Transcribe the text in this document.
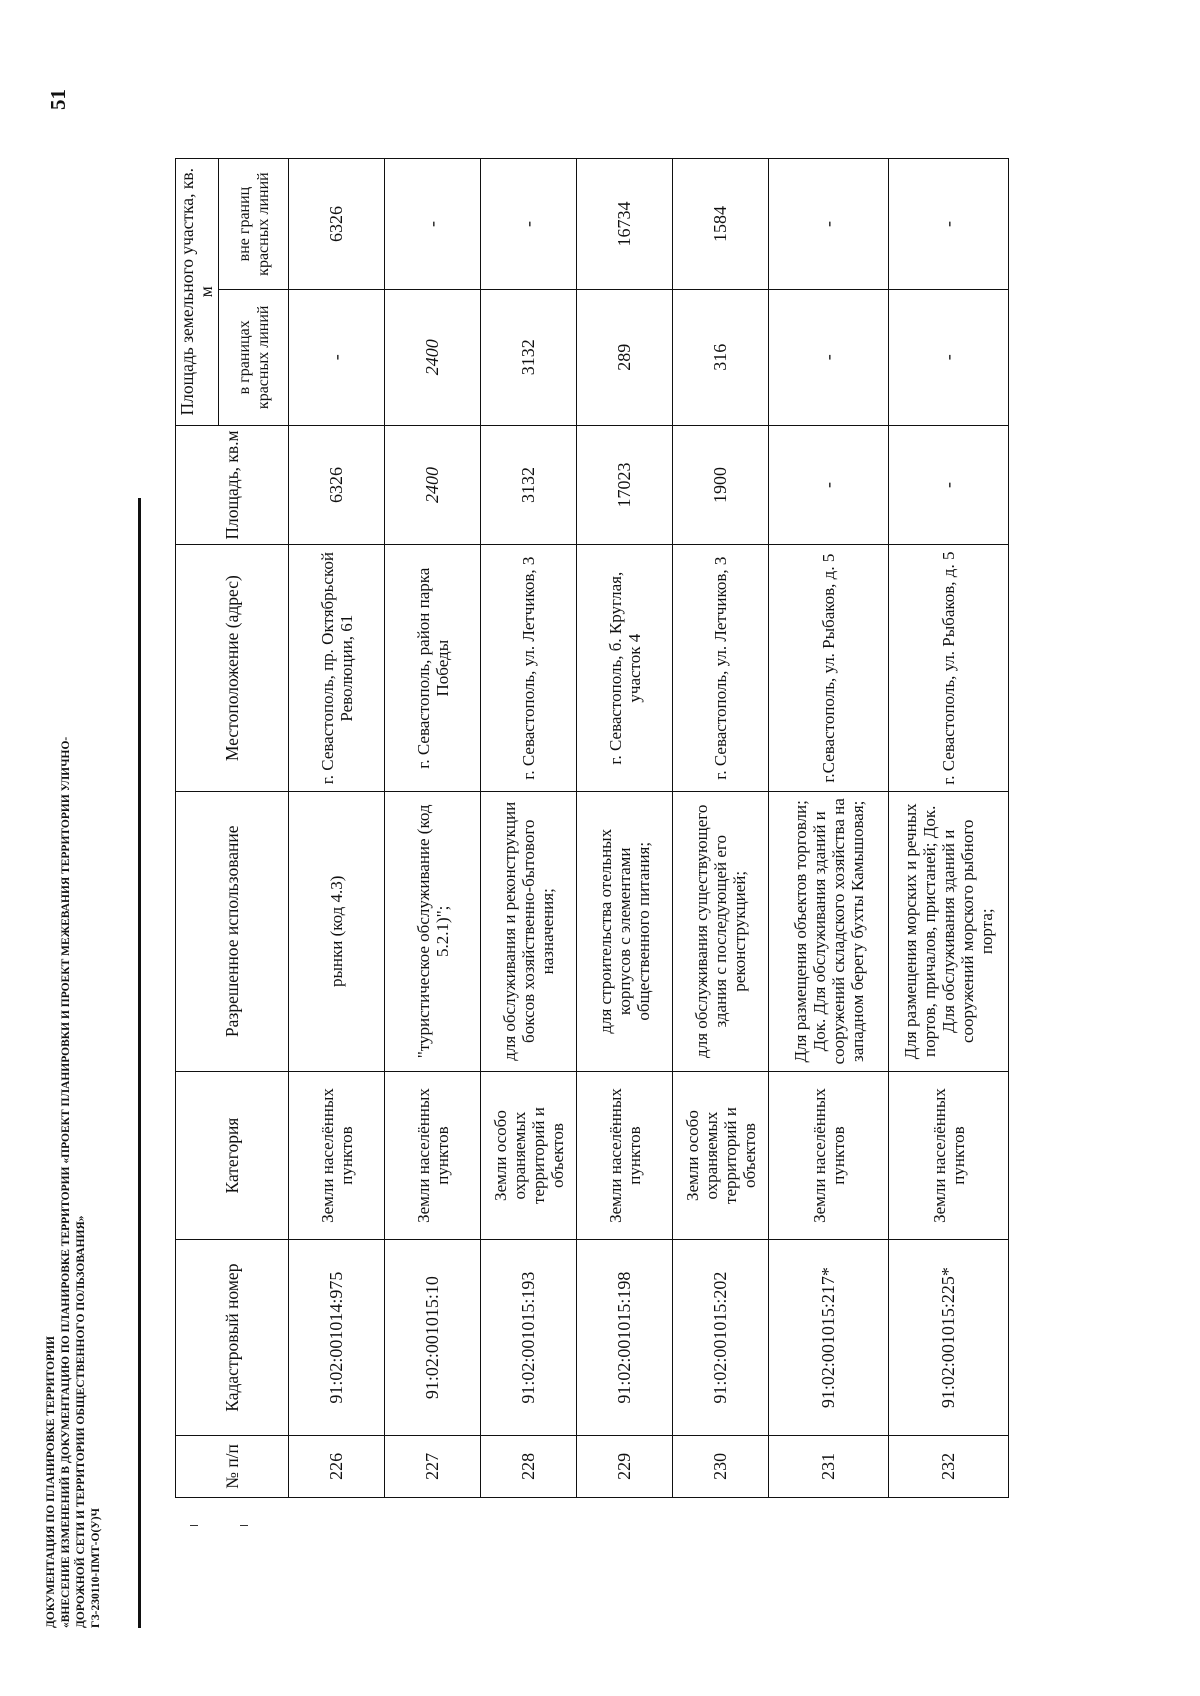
51
ДОКУМЕНТАЦИЯ ПО ПЛАНИРОВКЕ ТЕРРИТОРИИ «ВНЕСЕНИЕ ИЗМЕНЕНИЙ В ДОКУМЕНТАЦИЮ ПО ПЛАНИРОВКЕ ТЕРРИТОРИИ «ПРОЕКТ ПЛАНИРОВКИ И ПРОЕКТ МЕЖЕВАНИЯ ТЕРРИТОРИИ УЛИЧНО- ДОРОЖНОЙ СЕТИ И ТЕРРИТОРИИ ОБЩЕСТВЕННОГО ПОЛЬЗОВАНИЯ» ГЗ-230110-ПМТ-О(У)Ч
№ п/п	Кадастровый номер	Категория	Разрешенное использование	Местоположение (адрес)	Площадь, кв.м	Площадь земельного участка, кв. м	
						в границах красных линий	вне границ красных линий
226	91:02:001014:975	Земли населённых пунктов	рынки (код 4.3)	г. Севастополь, пр. Октябрьской Революции, 61	6326	-	6326
227	91:02:001015:10	Земли населённых пунктов	"туристическое обслуживание (код 5.2.1)";	г. Севастополь, район парка Победы	2400	2400	-
228	91:02:001015:193	Земли особо охраняемых территорий и объектов	для обслуживания и реконструкции боксов хозяйственно-бытового назначения;	г. Севастополь, ул. Летчиков, 3	3132	3132	-
229	91:02:001015:198	Земли населённых пунктов	для строительства отельных корпусов с элементами общественного питания;	г. Севастополь, б. Круглая, участок 4	17023	289	16734
230	91:02:001015:202	Земли особо охраняемых территорий и объектов	для обслуживания существующего здания с последующей его реконструкцией;	г. Севастополь, ул. Летчиков, 3	1900	316	1584
231	91:02:001015:217*	Земли населённых пунктов	Для размещения объектов торговли; Док. Для обслуживания зданий и сооружений складского хозяйства на западном берегу бухты Камышовая;	г.Севастополь, ул. Рыбаков, д. 5	-	-	-
232	91:02:001015:225*	Земли населённых пунктов	Для размещения морских и речных портов, причалов, пристаней; Док. Для обслуживания зданий и сооружений морского рыбного порта;	г. Севастополь, ул. Рыбаков, д. 5	-	-	-
